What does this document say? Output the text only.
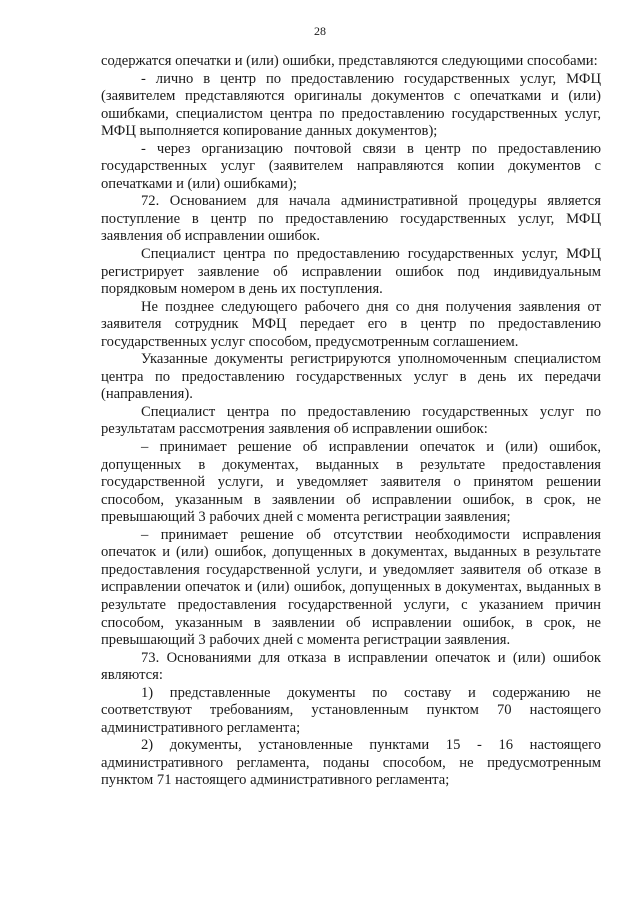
28

содержатся опечатки и (или) ошибки, представляются следующими способами:

- лично в центр по предоставлению государственных услуг, МФЦ (заявителем представляются оригиналы документов с опечатками и (или) ошибками, специалистом центра по предоставлению государственных услуг, МФЦ выполняется копирование данных документов);

- через организацию почтовой связи в центр по предоставлению государственных услуг (заявителем направляются копии документов с опечатками и (или) ошибками);

72. Основанием для начала административной процедуры является поступление в центр по предоставлению государственных услуг, МФЦ заявления об исправлении ошибок.

Специалист центра по предоставлению государственных услуг, МФЦ регистрирует заявление об исправлении ошибок под индивидуальным порядковым номером в день их поступления.

Не позднее следующего рабочего дня со дня получения заявления от заявителя сотрудник МФЦ передает его в центр по предоставлению государственных услуг способом, предусмотренным соглашением.

Указанные документы регистрируются уполномоченным специалистом центра по предоставлению государственных услуг в день их передачи (направления).

Специалист центра по предоставлению государственных услуг по результатам рассмотрения заявления об исправлении ошибок:

– принимает решение об исправлении опечаток и (или) ошибок, допущенных в документах, выданных в результате предоставления государственной услуги, и уведомляет заявителя о принятом решении способом, указанным в заявлении об исправлении ошибок, в срок, не превышающий 3 рабочих дней с момента регистрации заявления;

– принимает решение об отсутствии необходимости исправления опечаток и (или) ошибок, допущенных в документах, выданных в результате предоставления государственной услуги, и уведомляет заявителя об отказе в исправлении опечаток и (или) ошибок, допущенных в документах, выданных в результате предоставления государственной услуги, с указанием причин способом, указанным в заявлении об исправлении ошибок, в срок, не превышающий 3 рабочих дней с момента регистрации заявления.

73. Основаниями для отказа в исправлении опечаток и (или) ошибок являются:

1) представленные документы по составу и содержанию не соответствуют требованиям, установленным пунктом 70 настоящего административного регламента;

2) документы, установленные пунктами 15 - 16 настоящего административного регламента, поданы способом, не предусмотренным пунктом 71 настоящего административного регламента;
